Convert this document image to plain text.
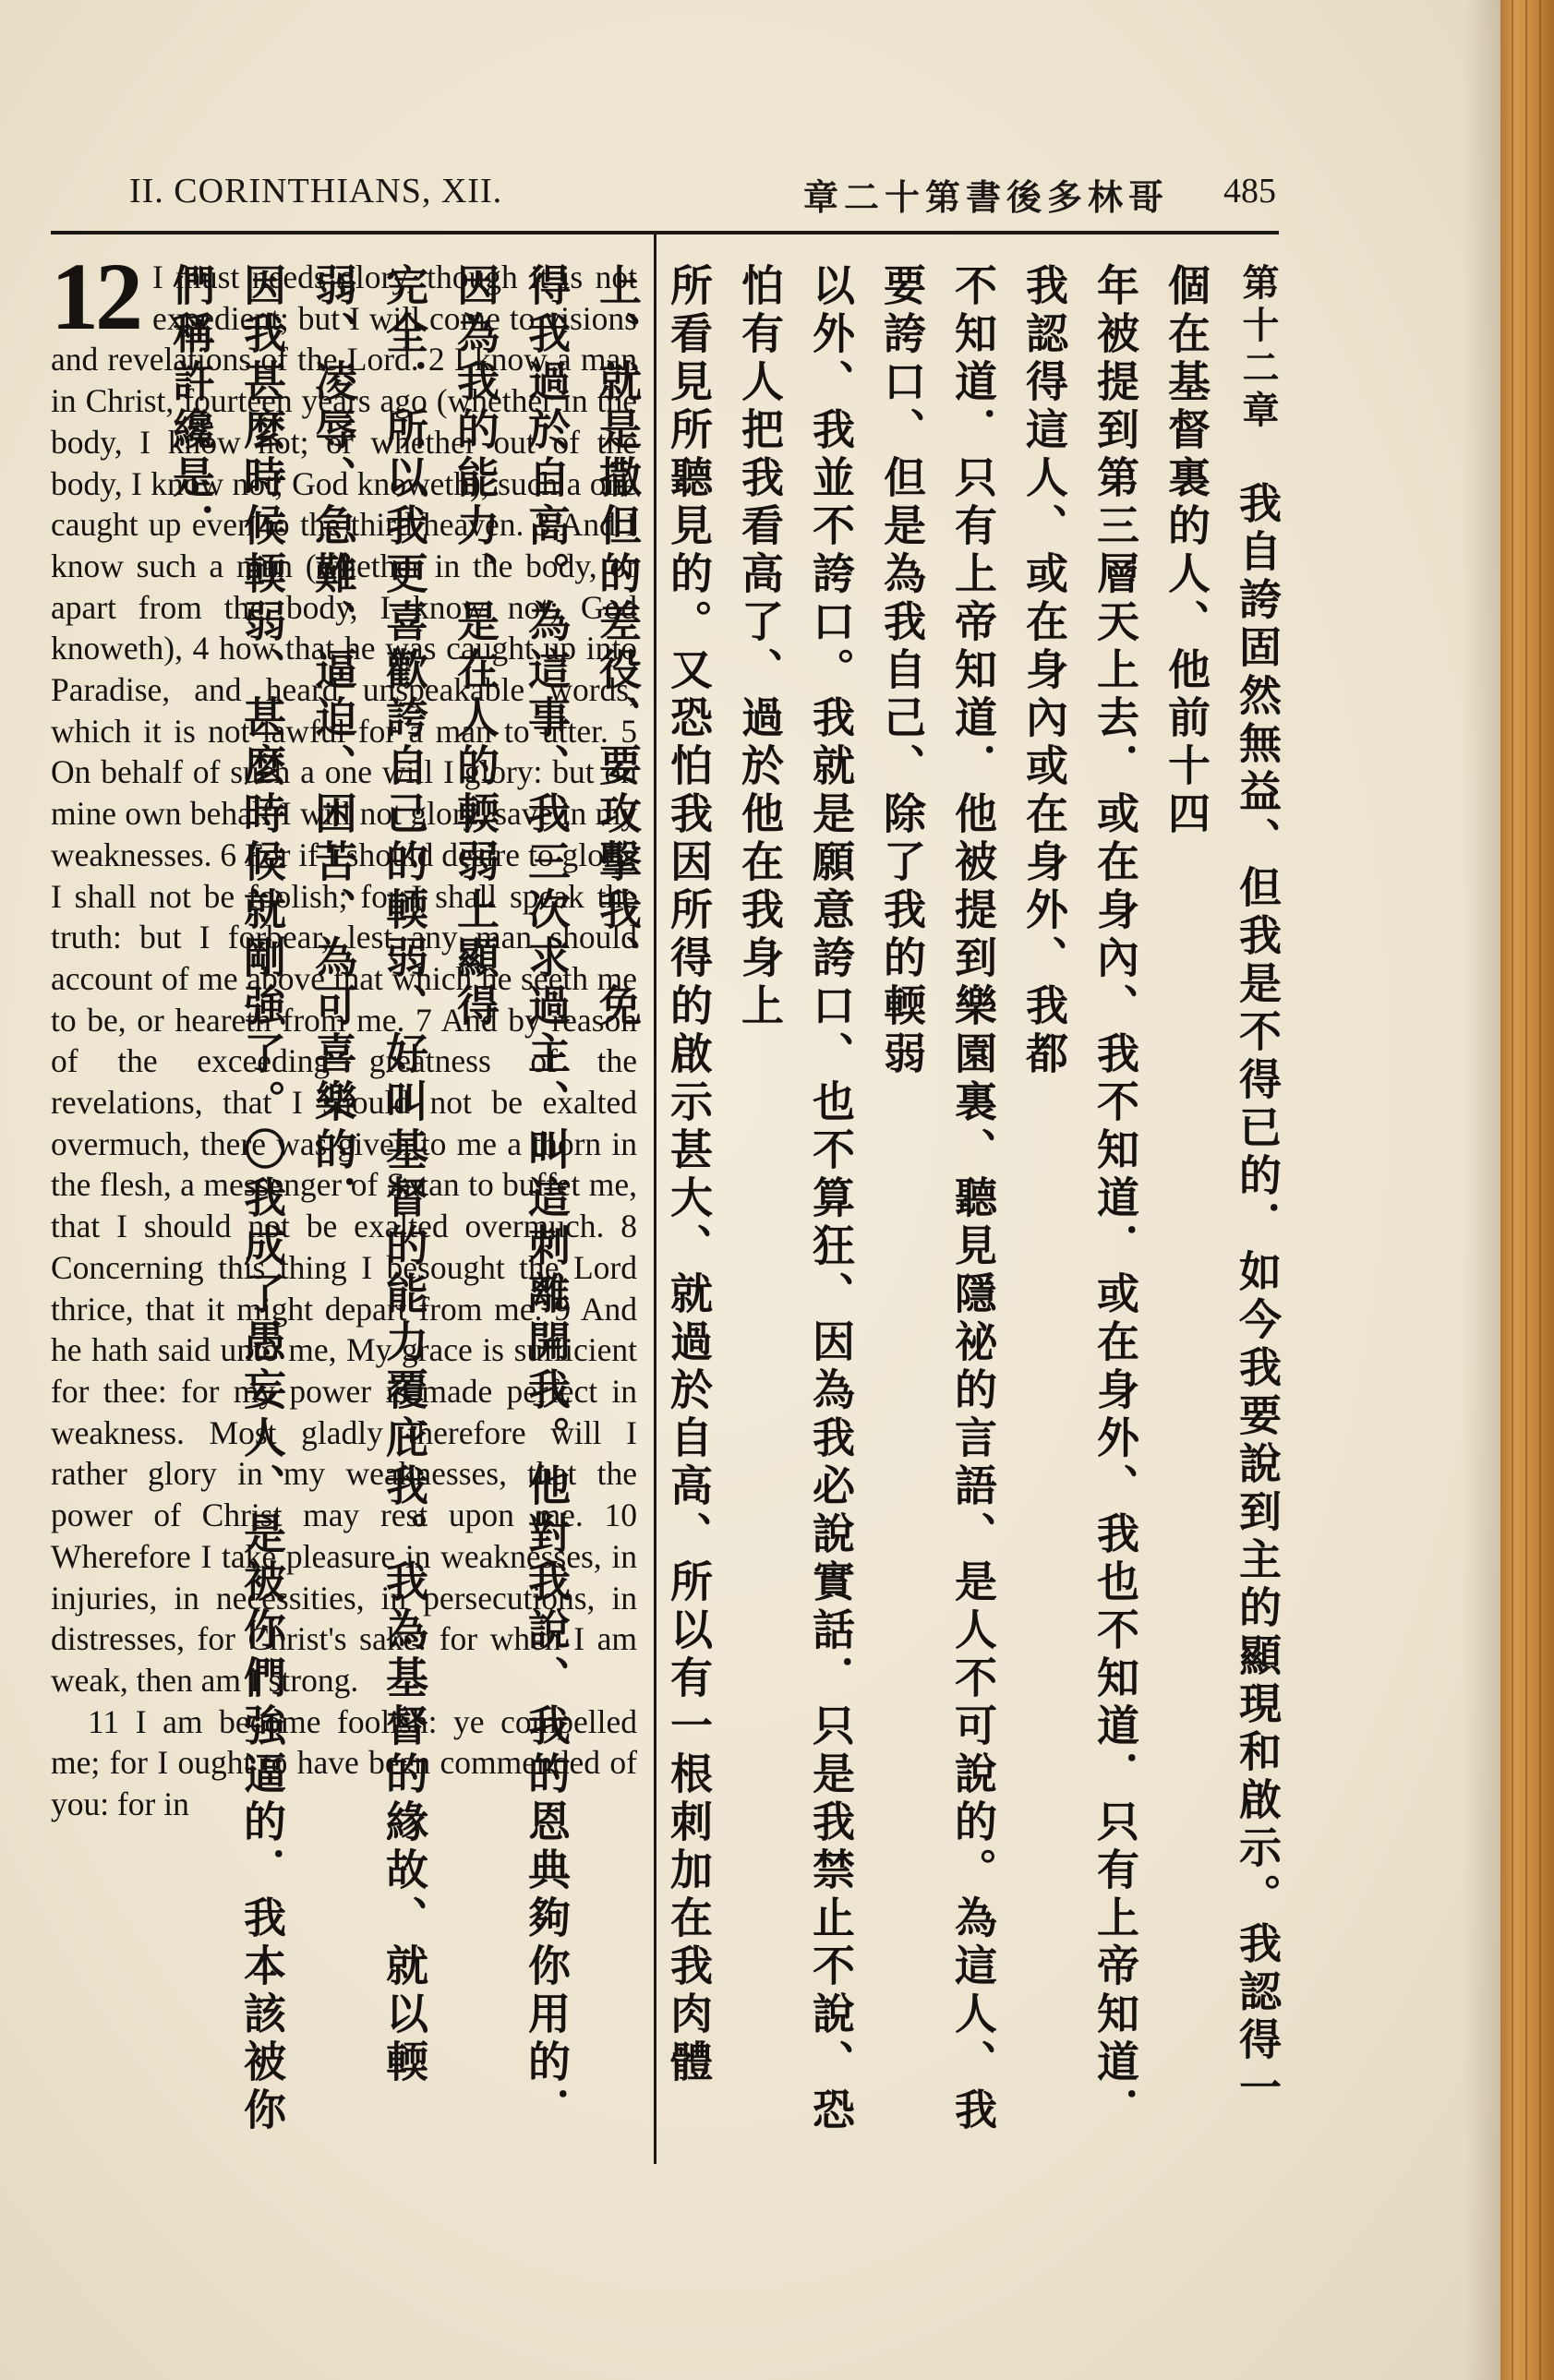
II. CORINTHIANS, XII.	章二十第書後多林哥 485
12 I must needs glory, though it is not expedient; but I will come to visions and revelations of the Lord. 2 I know a man in Christ, fourteen years ago (whether in the body, I know not; or whether out of the body, I know not; God knoweth), such a one caught up even to the third heaven. 3 And I know such a man (whether in the body, or apart from the body, I know not; God knoweth), 4 how that he was caught up into Paradise, and heard unspeakable words, which it is not lawful for a man to utter. 5 On behalf of such a one will I glory: but on mine own behalf I will not glory, save in my weaknesses. 6 For if I should desire to glory, I shall not be foolish; for I shall speak the truth: but I forbear, lest any man should account of me above that which he seeth me to be, or heareth from me. 7 And by reason of the exceeding greatness of the revelations, that I should not be exalted overmuch, there was given to me a thorn in the flesh, a messenger of Satan to buffet me, that I should not be exalted overmuch. 8 Concerning this thing I besought the Lord thrice, that it might depart from me. 9 And he hath said unto me, My grace is sufficient for thee: for my power is made perfect in weakness. Most gladly therefore will I rather glory in my weaknesses, that the power of Christ may rest upon me. 10 Wherefore I take pleasure in weaknesses, in injuries, in necessities, in persecutions, in distresses, for Christ's sake: for when I am weak, then am I strong.
11 I am become foolish: ye compelled me; for I ought to have been commended of you: for in
第十二章　我自誇固然無益、但我是不得已的．如今我要說到主的顯現和啟示。我認得一個在基督裏的人、他前十四
年被提到第三層天上去．或在身內、我不知道．或在身外、我也不知道．只有上帝知道．我認得這人、或在身內或在身外、我都
不知道．只有上帝知道．他被提到樂園裏、聽見隱祕的言語、是人不可說的。為這人、我要誇口、但是為我自己、除了我的輭弱
以外、我並不誇口。我就是願意誇口、也不算狂、因為我必說實話．只是我禁止不說、恐怕有人把我看高了、過於他在我身上
所看見所聽見的。又恐怕我因所得的啟示甚大、就過於自高、所以有一根刺加在我肉體上、就是撒但的差役、要攻擊我、免
得我過於自高。為這事、我三次求過主、叫這刺離開我。他對我說、我的恩典夠你用的．因為我的能力、是在人的輭弱上顯得
完全．所以我更喜歡誇自己的輭弱、好叫基督的能力覆庇我。我為基督的緣故、就以輭弱、凌辱、急難、逼迫、困苦、為可喜樂的．
因我甚麼時候輭弱、甚麼時候就剛強了。〇我成了愚妄人、是被你們強逼的．我本該被你們稱許纔是．
